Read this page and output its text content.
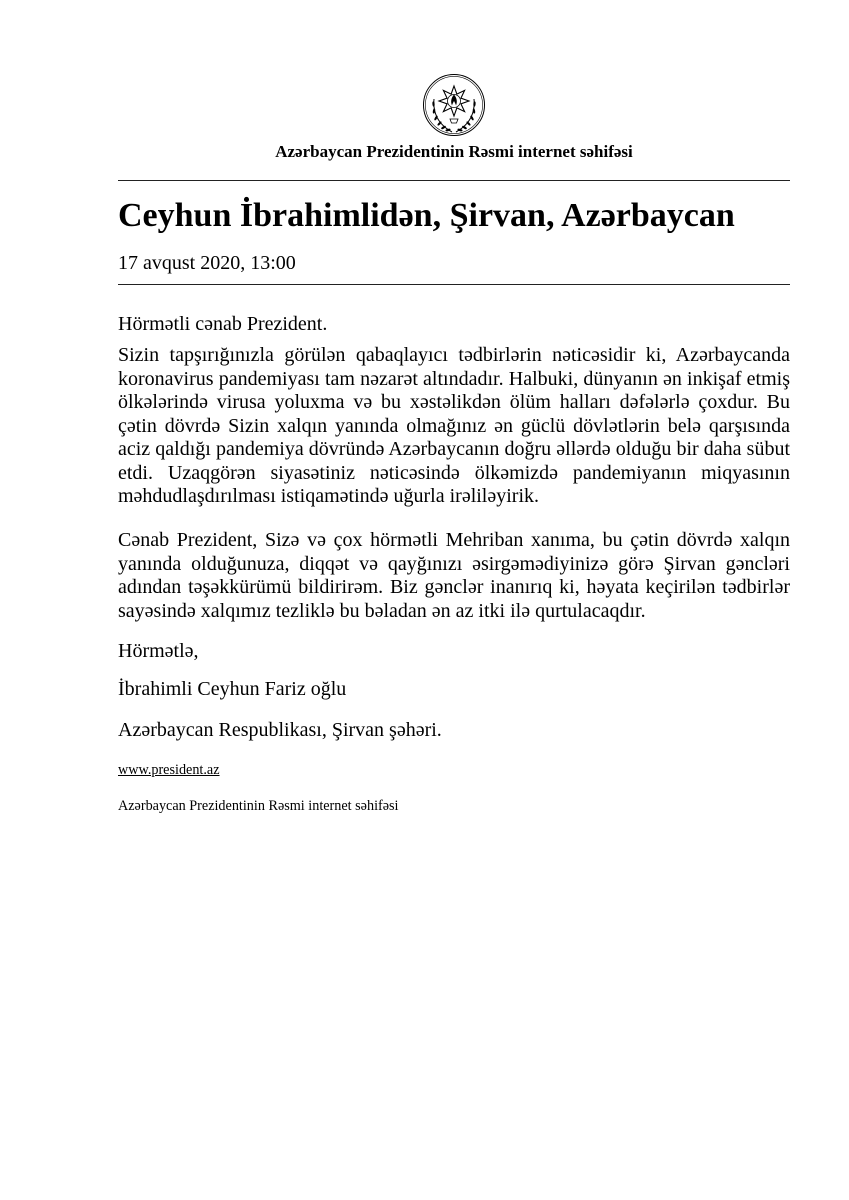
Azərbaycan Prezidentinin Rəsmi internet səhifəsi
Ceyhun İbrahimlidən, Şirvan, Azərbaycan
17 avqust 2020, 13:00

Hörmətli cənab Prezident.

Sizin tapşırığınızla görülən qabaqlayıcı tədbirlərin nəticəsidir ki, Azərbaycanda koronavirus pandemiyası tam nəzarət altındadır. Halbuki, dünyanın ən inkişaf etmiş ölkələrində virusa yoluxma və bu xəstəlikdən ölüm halları dəfələrlə çoxdur. Bu çətin dövrdə Sizin xalqın yanında olmağınız ən güclü dövlətlərin belə qarşısında aciz qaldığı pandemiya dövründə Azərbaycanın doğru əllərdə olduğu bir daha sübut etdi. Uzaqgörən siyasətiniz nəticəsində ölkəmizdə pandemiyanın miqyasının məhdudlaşdırılması istiqamətində uğurla irəliləyirik.

Cənab Prezident, Sizə və çox hörmətli Mehriban xanıma, bu çətin dövrdə xalqın yanında olduğunuza, diqqət və qayğınızı əsirgəmədiyinizə görə Şirvan gəncləri adından təşəkkürümü bildirirəm. Biz gənclər inanırıq ki, həyata keçirilən tədbirlər sayəsində xalqımız tezliklə bu bəladan ən az itki ilə qurtulacaqdır.

Hörmətlə,

İbrahimli Ceyhun Fariz oğlu

Azərbaycan Respublikası, Şirvan şəhəri.

www.president.az
Azərbaycan Prezidentinin Rəsmi internet səhifəsi
